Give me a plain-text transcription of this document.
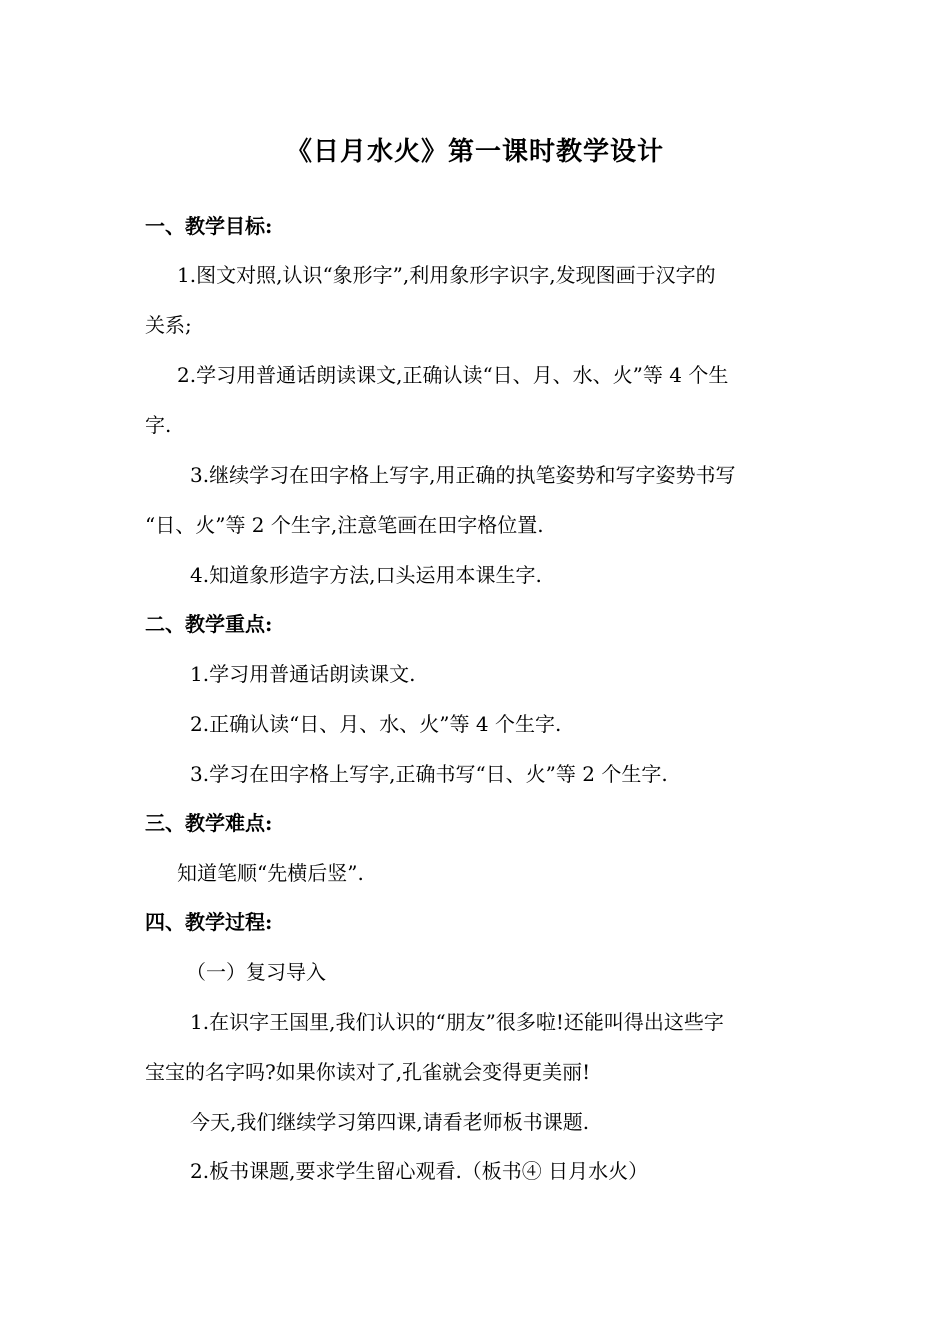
《日月水火》第一课时教学设计
一、教学目标:
1.图文对照,认识“象形字”,利用象形字识字,发现图画于汉字的
关系;
2.学习用普通话朗读课文,正确认读“日、月、水、火”等 4 个生
字.
3.继续学习在田字格上写字,用正确的执笔姿势和写字姿势书写
“日、火”等 2 个生字,注意笔画在田字格位置.
4.知道象形造字方法,口头运用本课生字.
二、教学重点:
1.学习用普通话朗读课文.
2.正确认读“日、月、水、火”等 4 个生字.
3.学习在田字格上写字,正确书写“日、火”等 2 个生字.
三、教学难点:
知道笔顺“先横后竖”.
四、教学过程:
（一）复习导入
1.在识字王国里,我们认识的“朋友”很多啦!还能叫得出这些字
宝宝的名字吗?如果你读对了,孔雀就会变得更美丽!
今天,我们继续学习第四课,请看老师板书课题.
2.板书课题,要求学生留心观看.（板书④ 日月水火）
